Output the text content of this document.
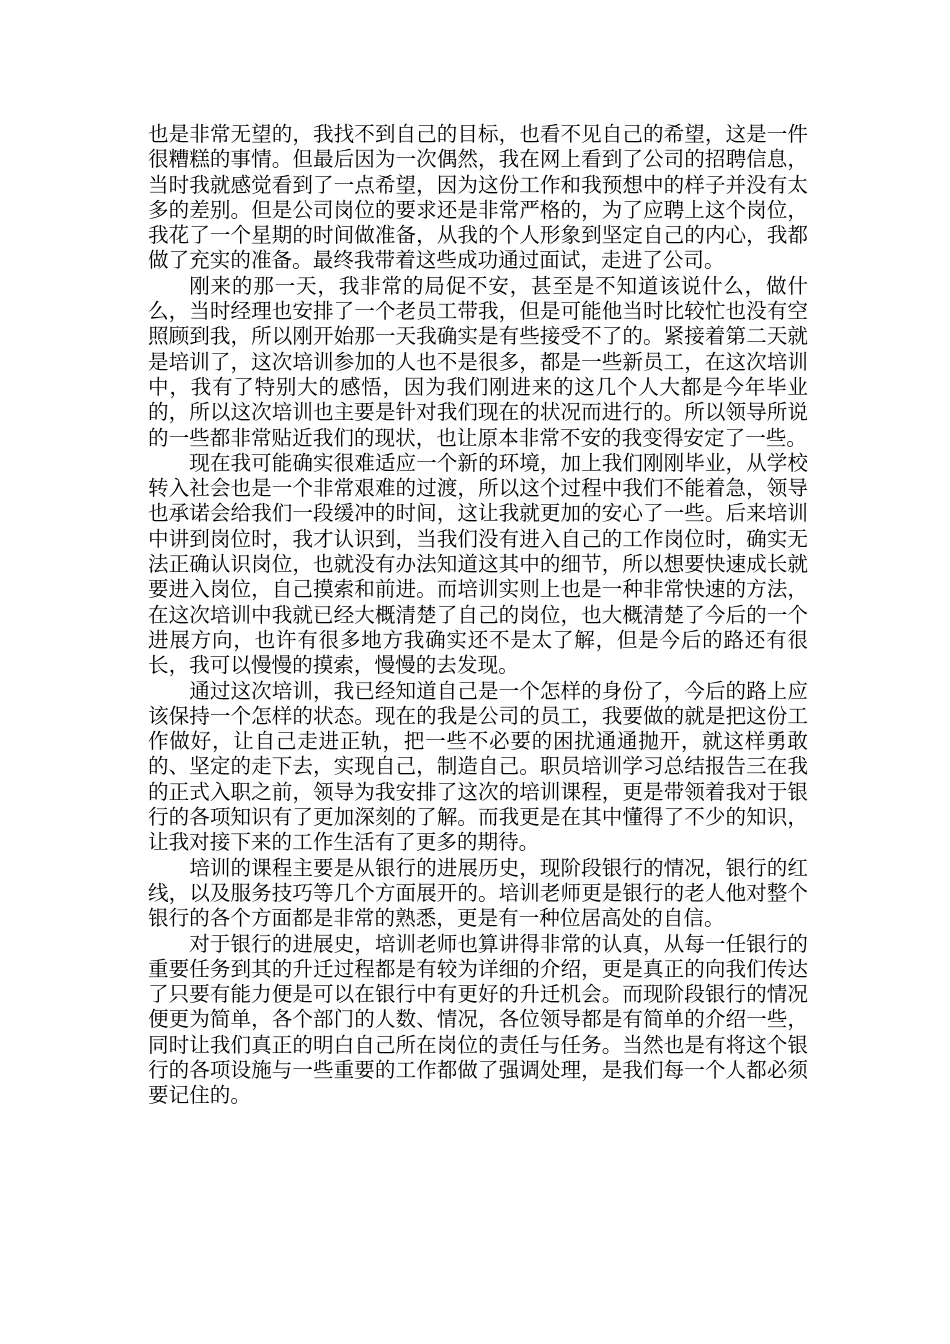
也是非常无望的，我找不到自己的目标，也看不见自己的希望，这是一件很糟糕的事情。但最后因为一次偶然，我在网上看到了公司的招聘信息，当时我就感觉看到了一点希望，因为这份工作和我预想中的样子并没有太多的差别。但是公司岗位的要求还是非常严格的，为了应聘上这个岗位，我花了一个星期的时间做准备，从我的个人形象到坚定自己的内心，我都做了充实的准备。最终我带着这些成功通过面试，走进了公司。

刚来的那一天，我非常的局促不安，甚至是不知道该说什么，做什么，当时经理也安排了一个老员工带我，但是可能他当时比较忙也没有空照顾到我，所以刚开始那一天我确实是有些接受不了的。紧接着第二天就是培训了，这次培训参加的人也不是很多，都是一些新员工，在这次培训中，我有了特别大的感悟，因为我们刚进来的这几个人大都是今年毕业的，所以这次培训也主要是针对我们现在的状况而进行的。所以领导所说的一些都非常贴近我们的现状，也让原本非常不安的我变得安定了一些。

现在我可能确实很难适应一个新的环境，加上我们刚刚毕业，从学校转入社会也是一个非常艰难的过渡，所以这个过程中我们不能着急，领导也承诺会给我们一段缓冲的时间，这让我就更加的安心了一些。后来培训中讲到岗位时，我才认识到，当我们没有进入自己的工作岗位时，确实无法正确认识岗位，也就没有办法知道这其中的细节，所以想要快速成长就要进入岗位，自己摸索和前进。而培训实则上也是一种非常快速的方法，在这次培训中我就已经大概清楚了自己的岗位，也大概清楚了今后的一个进展方向，也许有很多地方我确实还不是太了解，但是今后的路还有很长，我可以慢慢的摸索，慢慢的去发现。

通过这次培训，我已经知道自己是一个怎样的身份了，今后的路上应该保持一个怎样的状态。现在的我是公司的员工，我要做的就是把这份工作做好，让自己走进正轨，把一些不必要的困扰通通抛开，就这样勇敢的、坚定的走下去，实现自己，制造自己。职员培训学习总结报告三在我的正式入职之前，领导为我安排了这次的培训课程，更是带领着我对于银行的各项知识有了更加深刻的了解。而我更是在其中懂得了不少的知识，让我对接下来的工作生活有了更多的期待。

培训的课程主要是从银行的进展历史，现阶段银行的情况，银行的红线，以及服务技巧等几个方面展开的。培训老师更是银行的老人他对整个银行的各个方面都是非常的熟悉，更是有一种位居高处的自信。

对于银行的进展史，培训老师也算讲得非常的认真，从每一任银行的重要任务到其的升迁过程都是有较为详细的介绍，更是真正的向我们传达了只要有能力便是可以在银行中有更好的升迁机会。而现阶段银行的情况便更为简单，各个部门的人数、情况，各位领导都是有简单的介绍一些，同时让我们真正的明白自己所在岗位的责任与任务。当然也是有将这个银行的各项设施与一些重要的工作都做了强调处理，是我们每一个人都必须要记住的。
